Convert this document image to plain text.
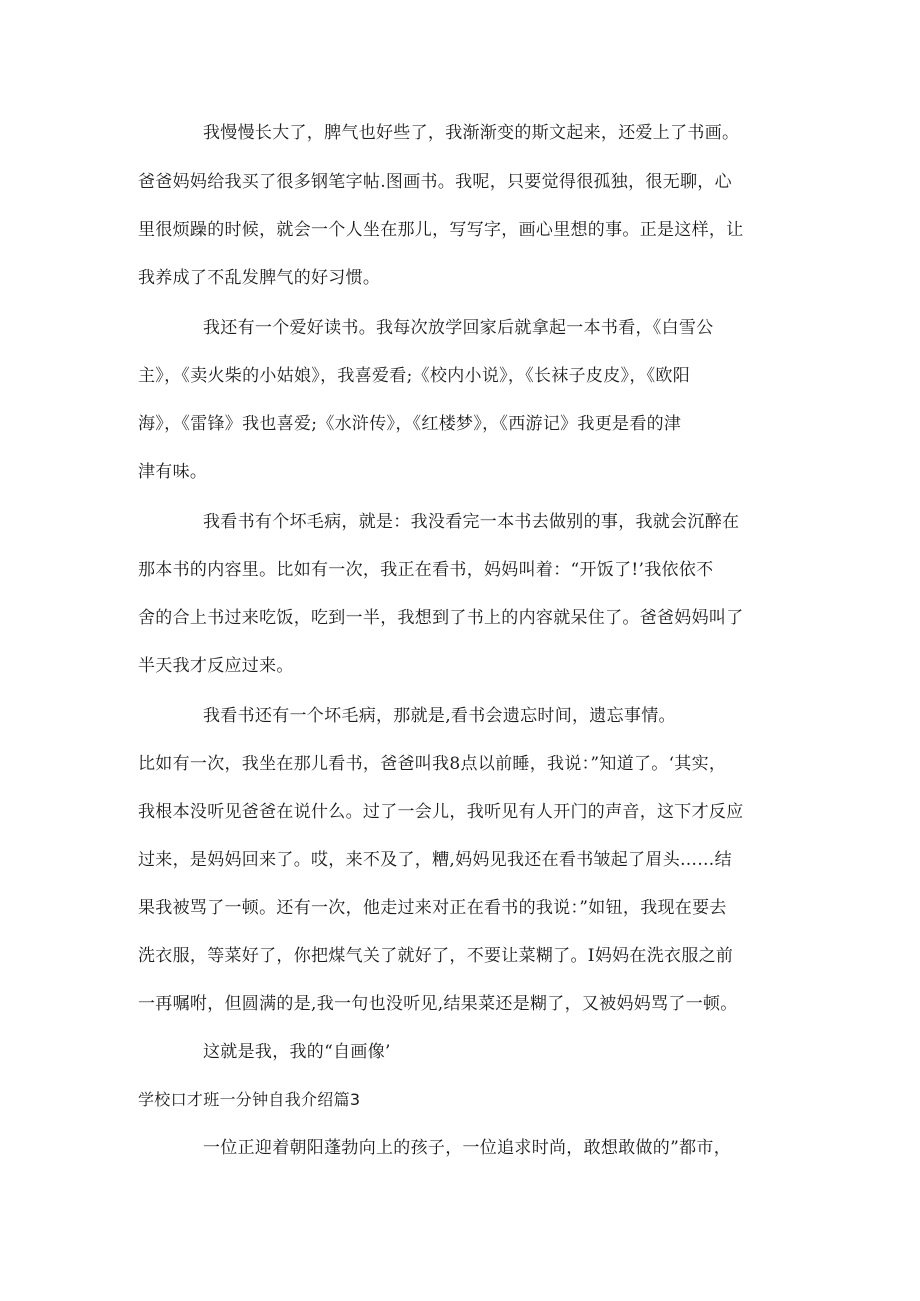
我慢慢长大了，脾气也好些了，我渐渐变的斯文起来，还爱上了书画。
爸爸妈妈给我买了很多钢笔字帖.图画书。我呢，只要觉得很孤独，很无聊，心
里很烦躁的时候，就会一个人坐在那儿，写写字，画心里想的事。正是这样，让
我养成了不乱发脾气的好习惯。
我还有一个爱好读书。我每次放学回家后就拿起一本书看，《白雪公
主》，《卖火柴的小姑娘》，我喜爱看;《校内小说》，《长袜子皮皮》，《欧阳
海》，《雷锋》我也喜爱;《水浒传》，《红楼梦》，《西游记》我更是看的津
津有味。
我看书有个坏毛病，就是：我没看完一本书去做别的事，我就会沉醉在
那本书的内容里。比如有一次，我正在看书，妈妈叫着：“开饭了!’我依依不
舍的合上书过来吃饭，吃到一半，我想到了书上的内容就呆住了。爸爸妈妈叫了
半天我才反应过来。
我看书还有一个坏毛病，那就是,看书会遗忘时间，遗忘事情。
比如有一次，我坐在那儿看书，爸爸叫我8点以前睡，我说：”知道了。‘其实，
我根本没听见爸爸在说什么。过了一会儿，我听见有人开门的声音，这下才反应
过来，是妈妈回来了。哎，来不及了，糟,妈妈见我还在看书皱起了眉头……结
果我被骂了一顿。还有一次，他走过来对正在看书的我说：”如钮，我现在要去
洗衣服，等菜好了，你把煤气关了就好了，不要让菜糊了。I妈妈在洗衣服之前
一再嘱咐，但圆满的是,我一句也没听见,结果菜还是糊了，又被妈妈骂了一顿。
这就是我，我的“自画像’
学校口才班一分钟自我介绍篇3
一位正迎着朝阳蓬勃向上的孩子，一位追求时尚，敢想敢做的”都市，
